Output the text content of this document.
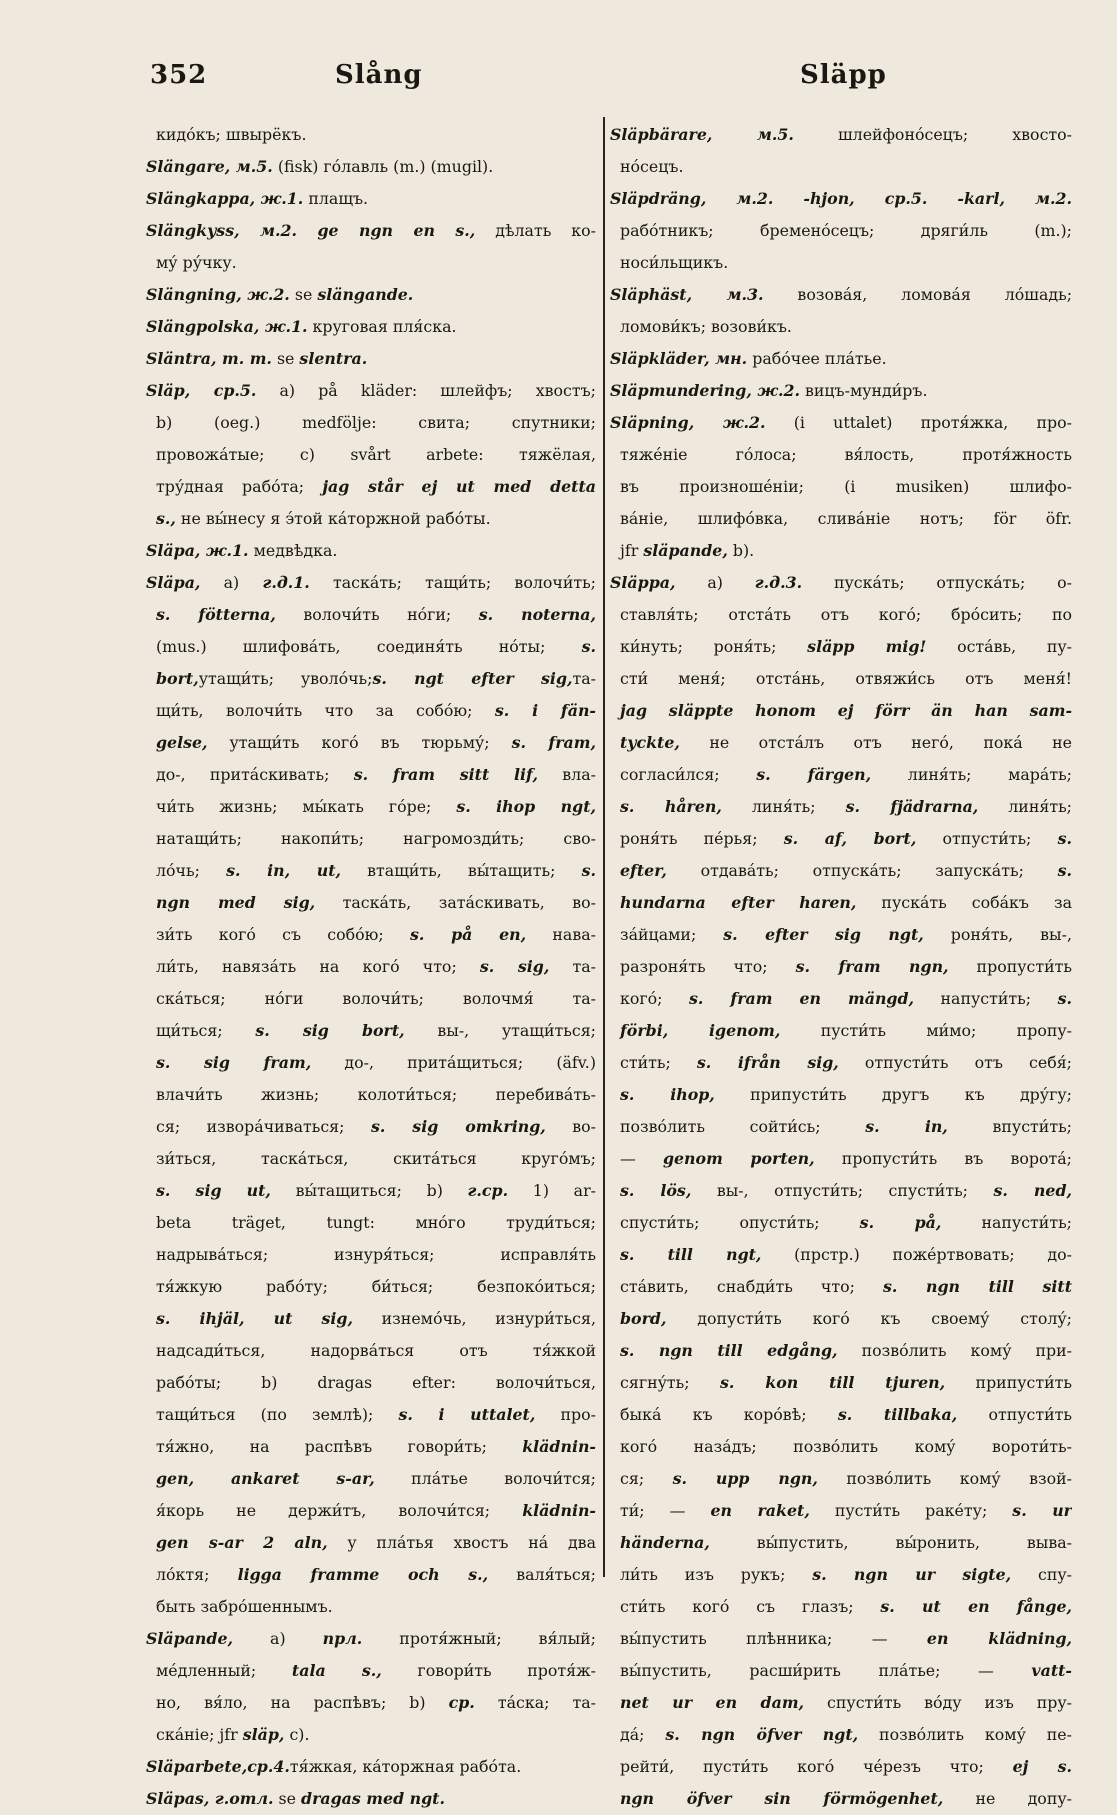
352	Slång	Släpp
кидо́къ; швырёкъ.
Slängare, м.5. (fisk) го́лавль (m.) (mugil).
Slängkappa, ж.1. плащъ.
Slängkyss, м.2. ge ngn en s., дѣлать ко-
му́ ру́чку.
Slängning, ж.2. se slängande.
Slängpolska, ж.1. круговая пля́ска.
Släntra, m. m. se slentra.
Släp, ср.5. a) på kläder: шлейфъ; хвостъ;
b) (oeg.) medfölje: свита; спутники;
провожа́тые; с) svårt arbete: тяжёлая,
тру́дная рабо́та; jag står ej ut med detta
s., не вы́несу я э́той ка́торжной рабо́ты.
Släpa, ж.1. медвѣдка.
Släpa, a) г.д.1. таска́ть; тащи́ть; волочи́ть;
s. fötterna, волочи́ть но́ги; s. noterna,
(mus.) шлифова́ть, соединя́ть но́ты; s.
bort,утащи́ть; уволо́чь;s. ngt efter sig,та-
щи́ть, волочи́ть что за собо́ю; s. i fän-
gelse, утащи́ть кого́ въ тюрьму́; s. fram,
до-, прита́скивать; s. fram sitt lif, вла-
чи́ть жизнь; мы́кать го́ре; s. ihop ngt,
натащи́ть; накопи́ть; нагромозди́ть; сво-
ло́чь; s. in, ut, втащи́ть, вы́тащить; s.
ngn med sig, таска́ть, зата́скивать, во-
зи́ть кого́ съ собо́ю; s. på en, нава-
ли́ть, навяза́ть на кого́ что; s. sig, та-
ска́ться; но́ги волочи́ть; волочмя́ та-
щи́ться; s. sig bort, вы-, утащи́ться;
s. sig fram, до-, прита́щиться; (äfv.)
влачи́ть жизнь; колоти́ться; перебива́ть-
ся; извора́чиваться; s. sig omkring, во-
зи́ться, таска́ться, скита́ться круго́мъ;
s. sig ut, вы́тащиться; b) г.ср. 1) ar-
beta träget, tungt: мно́го труди́ться;
надрыва́ться; изнуря́ться; исправля́ть
тя́жкую рабо́ту; би́ться; безпоко́иться;
s. ihjäl, ut sig, изнемо́чь, изнури́ться,
надсади́ться, надорва́ться отъ тя́жкой
рабо́ты; b) dragas efter: волочи́ться,
тащи́ться (по землѣ); s. i uttalet, про-
тя́жно, на распѣвъ говори́ть; klädnin-
gen, ankaret s-ar, пла́тье волочи́тся;
я́корь не держи́тъ, волочи́тся; klädnin-
gen s-ar 2 aln, у пла́тья хвостъ на́ два
ло́ктя; ligga framme och s., валя́ться;
быть забро́шеннымъ.
Släpande, a) прл. протя́жный; вя́лый;
ме́дленный; tala s., говори́ть протя́ж-
но, вя́ло, на распѣвъ; b) ср. та́ска; та-
ска́ніе; jfr släp, c).
Släparbete,ср.4.тя́жкая, ка́торжная рабо́та.
Släpas, г.отл. se dragas med ngt.
Släpbärare, м.5. шлейфоно́сецъ; хвосто-
но́сецъ.
Släpdräng, м.2. -hjon, ср.5. -karl, м.2.
рабо́тникъ; бремено́сецъ; дряги́ль (m.);
носи́льщикъ.
Släphäst, м.3. возова́я, ломова́я ло́шадь;
ломови́къ; возови́къ.
Släpkläder, мн. рабо́чее пла́тье.
Släpmundering, ж.2. вицъ-мунди́ръ.
Släpning, ж.2. (i uttalet) протя́жка, про-
тяже́ніе го́лоса; вя́лость, протя́жность
въ произноше́ніи; (i musiken) шлифо-
ва́ніе, шлифо́вка, слива́ніе нотъ; för öfr.
jfr släpande, b).
Släppa, a) г.д.3. пуска́ть; отпуска́ть; о-
ставля́ть; отста́ть отъ кого́; бро́сить; по
ки́нуть; роня́ть; släpp mig! оста́вь, пу-
сти́ меня́; отста́нь, отвяжи́сь отъ меня́!
jag släppte honom ej förr än han sam-
tyckte, не отста́лъ отъ него́, пока́ не
согласи́лся; s. färgen, линя́ть; мара́ть;
s. håren, линя́ть; s. fjädrarna, линя́ть;
роня́ть пе́рья; s. af, bort, отпусти́ть; s.
efter, отдава́ть; отпуска́ть; запуска́ть; s.
hundarna efter haren, пуска́ть соба́къ за
за́йцами; s. efter sig ngt, роня́ть, вы-,
разроня́ть что; s. fram ngn, пропусти́ть
кого́; s. fram en mängd, напусти́ть; s.
förbi, igenom, пусти́ть ми́мо; пропу-
сти́ть; s. ifrån sig, отпусти́ть отъ себя́;
s. ihop, припусти́ть другъ къ дру́гу;
позво́лить сойти́сь; s. in, впусти́ть;
— genom porten, пропусти́ть въ ворота́;
s. lös, вы-, отпусти́ть; спусти́ть; s. ned,
спусти́ть; опусти́ть; s. på, напусти́ть;
s. till ngt, (прстр.) поже́ртвовать; до-
ста́вить, снабди́ть что; s. ngn till sitt
bord, допусти́ть кого́ къ своему́ столу́;
s. ngn till edgång, позво́лить кому́ при-
сягну́ть; s. kon till tjuren, припусти́ть
быка́ къ коро́вѣ; s. tillbaka, отпусти́ть
кого́ наза́дъ; позво́лить кому́ вороти́ть-
ся; s. upp ngn, позво́лить кому́ взой-
ти́; — en raket, пусти́ть раке́ту; s. ur
händerna, вы́пустить, вы́ронить, выва-
ли́ть изъ рукъ; s. ngn ur sigte, спу-
сти́ть кого́ съ глазъ; s. ut en fånge,
вы́пустить плѣнника; — en klädning,
вы́пустить, расши́рить пла́тье; — vatt-
net ur en dam, спусти́ть во́ду изъ пру-
да́; s. ngn öfver ngt, позво́лить кому́ пе-
рейти́, пусти́ть кого́ че́резъ что; ej s.
ngn öfver sin förmögenhet, не допу-
